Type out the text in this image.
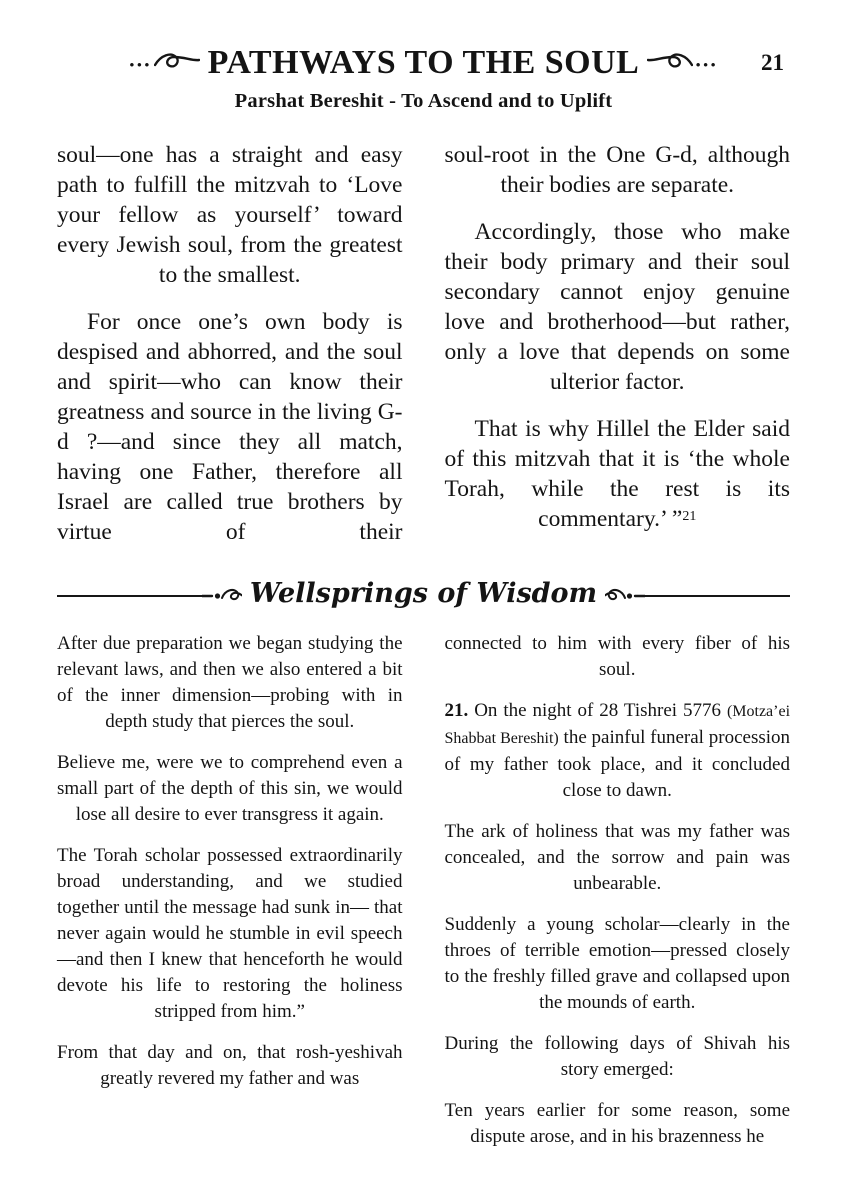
∙∙∙ PATHWAYS TO THE SOUL	∙∙∙ 21
Parshat Bereshit - To Ascend and to Uplift

soul—one has a straight and easy path to fulfill the mitzvah to ‘Love your fellow as yourself’ toward every Jewish soul, from the greatest to the smallest.

For once one’s own body is despised and abhorred, and the soul and spirit—who can know their greatness and source in the living G-d ?—and since they all match, having one Father, therefore all Israel are called true brothers by virtue of their

soul-root in the One G-d, although their bodies are separate.

Accordingly, those who make their body primary and their soul secondary cannot enjoy genuine love and brotherhood—but rather, only a love that depends on some ulterior factor.

That is why Hillel the Elder said of this mitzvah that it is ‘the whole Torah, while the rest is its commentary.’ ”$^{21}$

Wellsprings of Wisdom

After due preparation we began studying the relevant laws, and then we also entered a bit of the inner dimension—probing with in depth study that pierces the soul.

Believe me, were we to comprehend even a small part of the depth of this sin, we would lose all desire to ever transgress it again.

The Torah scholar possessed extraordinarily broad understanding, and we studied together until the message had sunk in— that never again would he stumble in evil speech—and then I knew that henceforth he would devote his life to restoring the holiness stripped from him.”

From that day and on, that rosh-yeshivah greatly revered my father and was

connected to him with every fiber of his soul.

21. On the night of 28 Tishrei 5776 (Motza’ei Shabbat Bereshit) the painful funeral procession of my father took place, and it concluded close to dawn.

The ark of holiness that was my father was concealed, and the sorrow and pain was unbearable.

Suddenly a young scholar—clearly in the throes of terrible emotion—pressed closely to the freshly filled grave and collapsed upon the mounds of earth.

During the following days of Shivah his story emerged:

Ten years earlier for some reason, some dispute arose, and in his brazenness he
